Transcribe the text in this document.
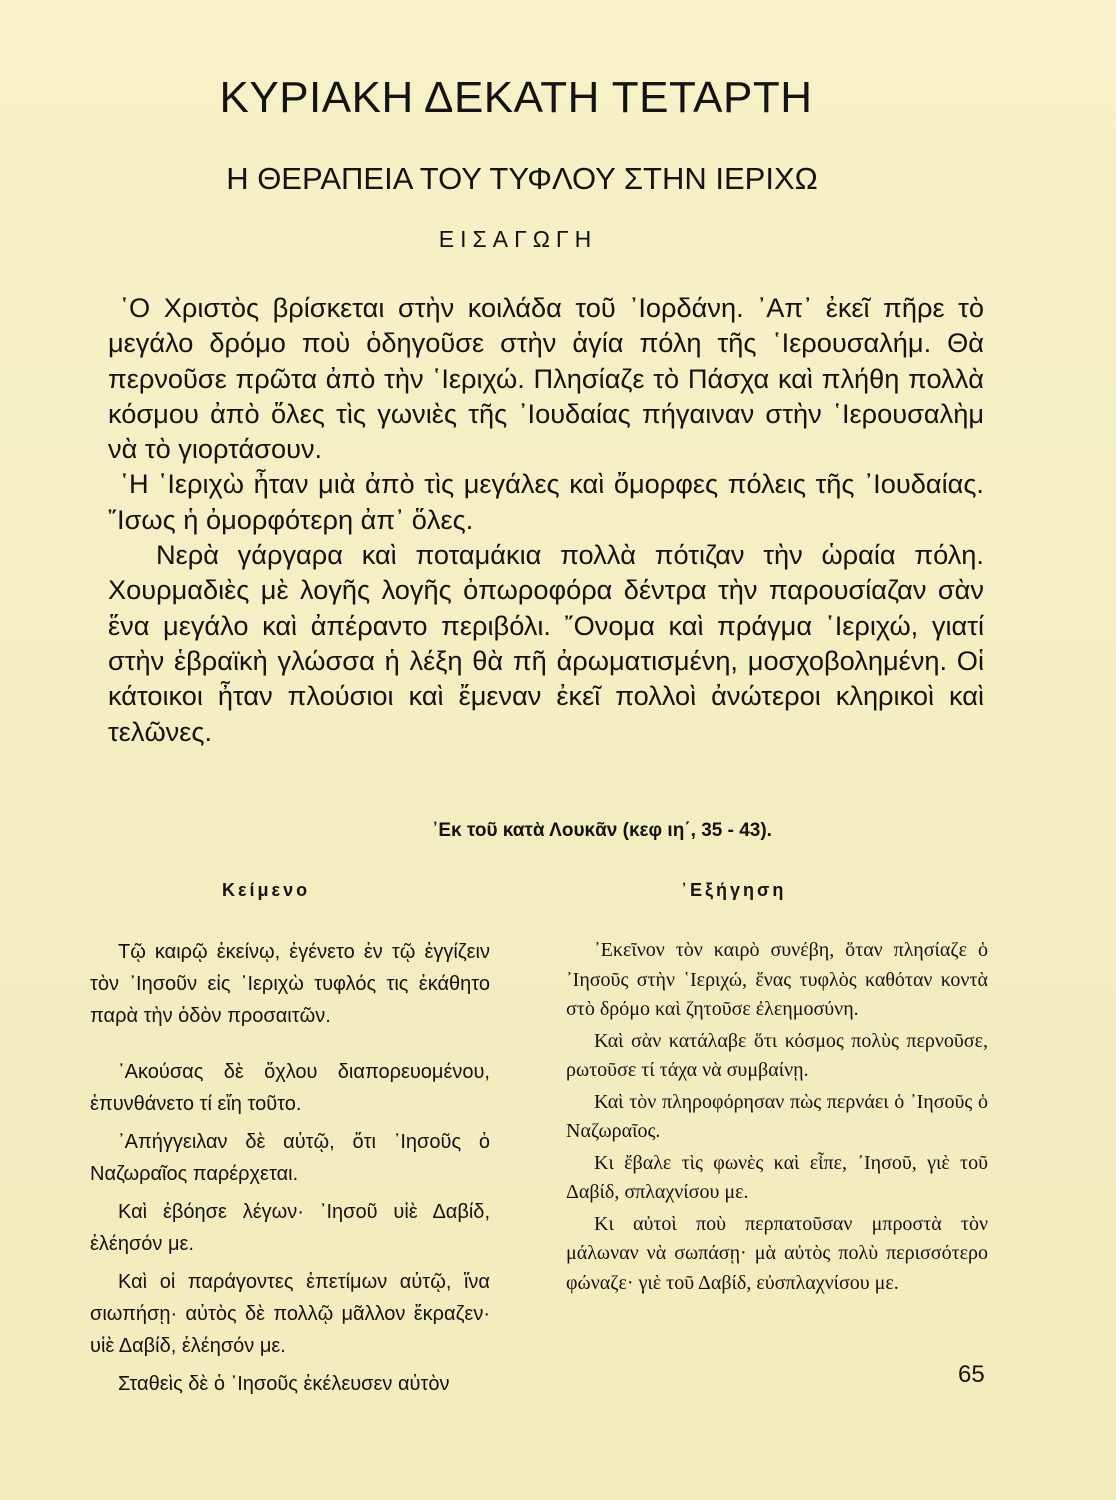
ΚΥΡΙΑΚΗ ΔΕΚΑΤΗ ΤΕΤΑΡΤΗ
Η ΘΕΡΑΠΕΙΑ ΤΟΥ ΤΥΦΛΟΥ ΣΤΗΝ ΙΕΡΙΧΩ
ΕΙΣΑΓΩΓΗ

῾Ο Χριστὸς βρίσκεται στὴν κοιλάδα τοῦ ᾿Ιορδάνη. ᾿Απ᾿ ἐκεῖ πῆρε τὸ μεγάλο δρόμο ποὺ ὁδηγοῦσε στὴν ἁγία πόλη τῆς ῾Ιερουσαλήμ. Θὰ περνοῦσε πρῶτα ἀπὸ τὴν ῾Ιεριχώ. Πλησίαζε τὸ Πάσχα καὶ πλήθη πολλὰ κόσμου ἀπὸ ὅλες τὶς γωνιὲς τῆς ᾿Ιουδαίας πήγαιναν στὴν ῾Ιερουσαλὴμ νὰ τὸ γιορτάσουν.

῾Η ῾Ιεριχὼ ἦταν μιὰ ἀπὸ τὶς μεγάλες καὶ ὄμορφες πόλεις τῆς ᾿Ιουδαίας. ῎Ισως ἡ ὀμορφότερη ἀπ᾿ ὅλες.

Νερὰ γάργαρα καὶ ποταμάκια πολλὰ πότιζαν τὴν ὡραία πόλη. Χουρμαδιὲς μὲ λογῆς λογῆς ὀπωροφόρα δέντρα τὴν παρουσίαζαν σὰν ἕνα μεγάλο καὶ ἀπέραντο περιβόλι. ῎Ονομα καὶ πράγμα ῾Ιεριχώ, γιατί στὴν ἑβραϊκὴ γλώσσα ἡ λέξη θὰ πῆ ἀρωματισμένη, μοσχοβολημένη. Οἱ κάτοικοι ἦταν πλούσιοι καὶ ἔμεναν ἐκεῖ πολλοὶ ἀνώτεροι κληρικοὶ καὶ τελῶνες.

᾿Εκ τοῦ κατὰ Λουκᾶν (κεφ ιη΄, 35 - 43).
Κείμενο	᾿Εξήγηση

Τῷ καιρῷ ἐκείνῳ, ἐγένετο ἐν τῷ ἐγγίζειν τὸν ᾿Ιησοῦν εἰς ῾Ιεριχὼ τυφλός τις ἐκάθητο παρὰ τὴν ὁδὸν προσαιτῶν.

᾿Ακούσας δὲ ὄχλου διαπορευομένου, ἐπυνθάνετο τί εἴη τοῦτο.

᾿Απήγγειλαν δὲ αὐτῷ, ὅτι ᾿Ιησοῦς ὁ Ναζωραῖος παρέρχεται.

Καὶ ἐβόησε λέγων· ᾿Ιησοῦ υἱὲ Δαβίδ, ἐλέησόν με.

Καὶ οἱ παράγοντες ἐπετίμων αὐτῷ, ἵνα σιωπήσῃ· αὐτὸς δὲ πολλῷ μᾶλλον ἔκραζεν· υἱὲ Δαβίδ, ἐλέησόν με.

Σταθεὶς δὲ ὁ ᾿Ιησοῦς ἐκέλευσεν αὐτὸν

᾿Εκεῖνον τὸν καιρὸ συνέβη, ὅταν πλησίαζε ὁ ᾿Ιησοῦς στὴν ῾Ιεριχώ, ἕνας τυφλὸς καθόταν κοντὰ στὸ δρόμο καὶ ζητοῦσε ἐλεημοσύνη.

Καὶ σὰν κατάλαβε ὅτι κόσμος πολὺς περνοῦσε, ρωτοῦσε τί τάχα νὰ συμβαίνῃ.

Καὶ τὸν πληροφόρησαν πὼς περνάει ὁ ᾿Ιησοῦς ὁ Ναζωραῖος.

Κι ἔβαλε τὶς φωνὲς καὶ εἶπε, ᾿Ιησοῦ, γιὲ τοῦ Δαβίδ, σπλαχνίσου με.

Κι αὐτοὶ ποὺ περπατοῦσαν μπροστὰ τὸν μάλωναν νὰ σωπάσῃ· μὰ αὐτὸς πολὺ περισσότερο φώναζε· γιὲ τοῦ Δαβίδ, εὐσπλαχνίσου με.

65
